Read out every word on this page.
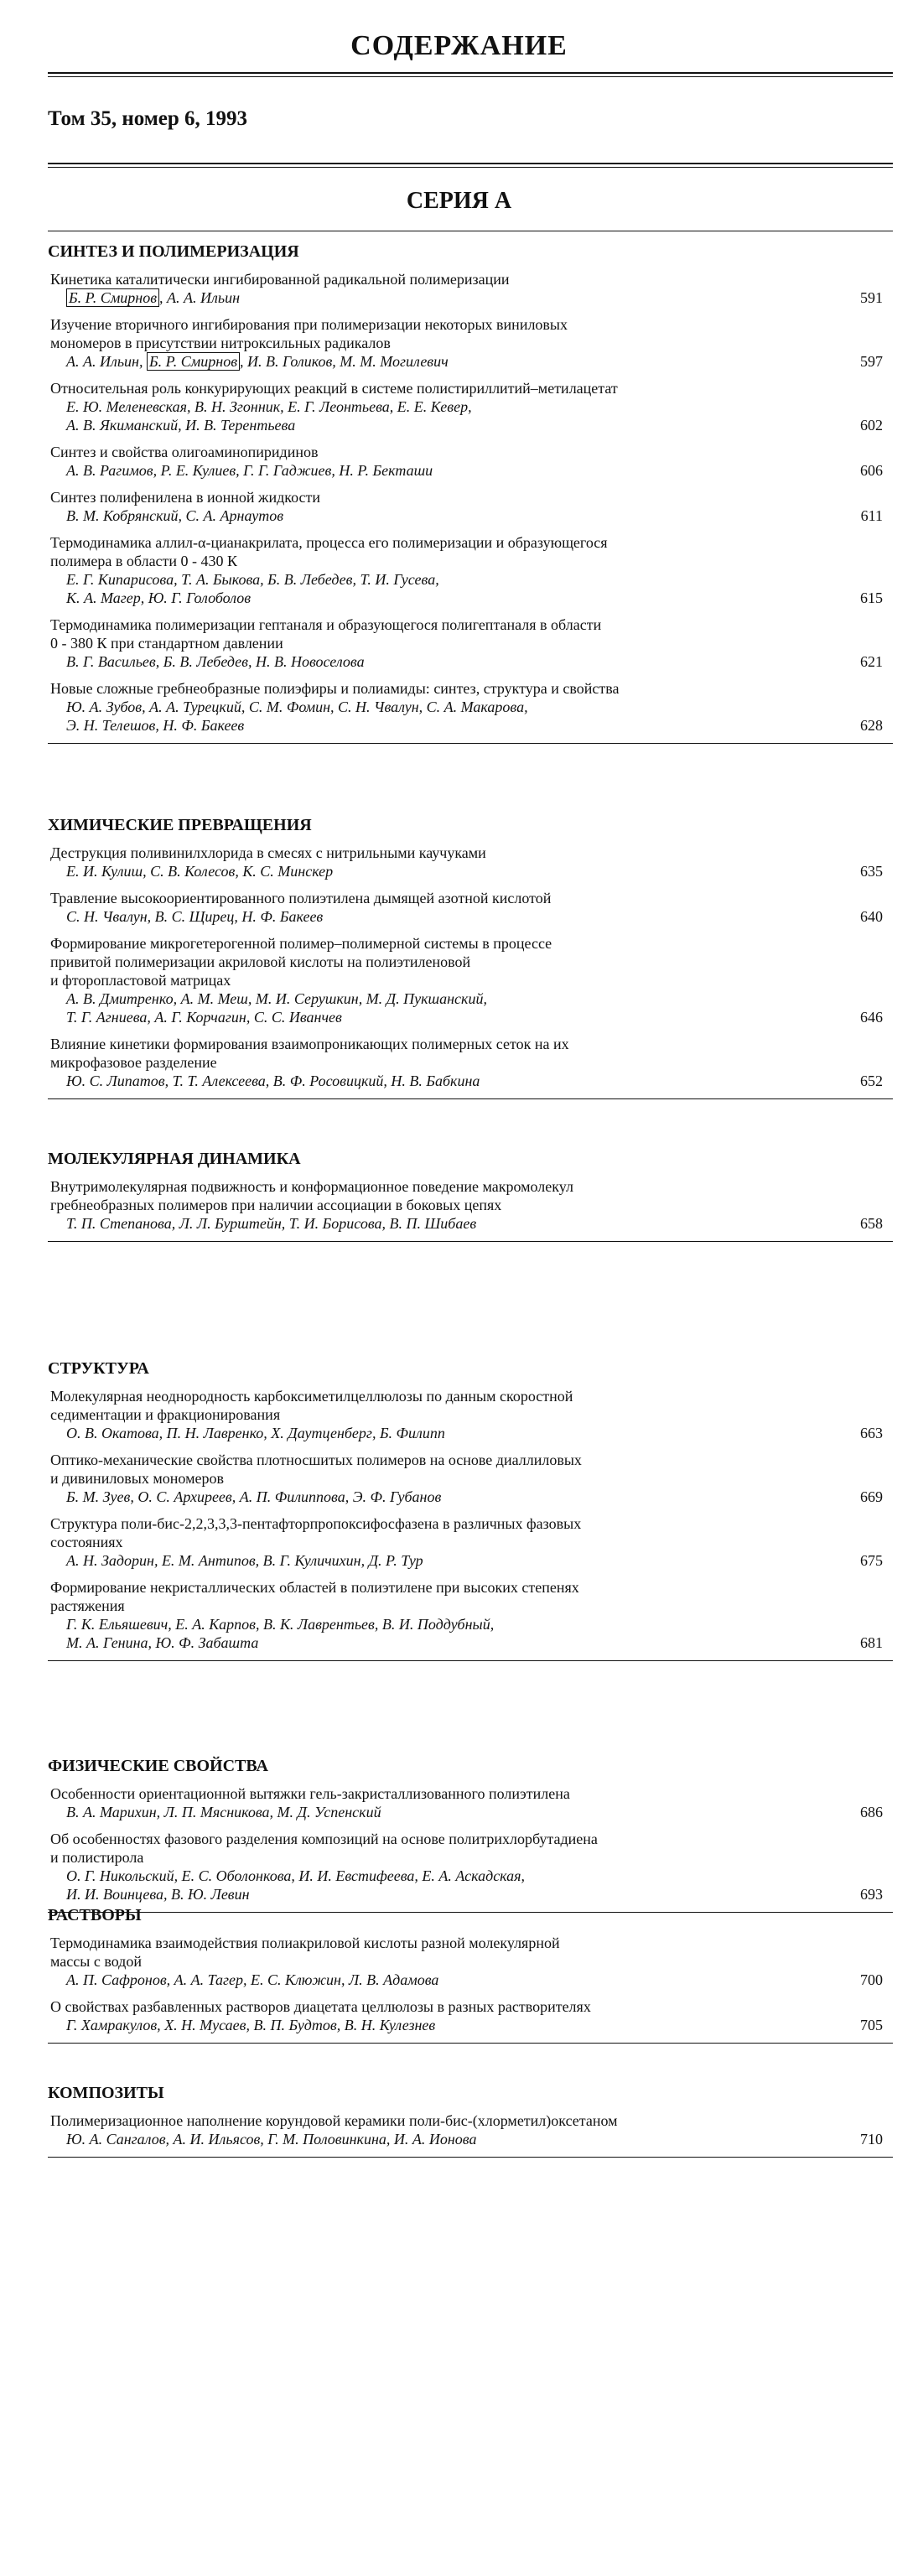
СОДЕРЖАНИЕ
Том 35, номер 6, 1993
СЕРИЯ А
СИНТЕЗ И ПОЛИМЕРИЗАЦИЯ
Кинетика каталитически ингибированной радикальной полимеризации
Б. Р. Смирнов , А. А. Ильин	591
Изучение вторичного ингибирования при полимеризации некоторых виниловых
мономеров в присутствии нитроксильных радикалов
А. А. Ильин, Б. Р. Смирнов , И. В. Голиков, М. М. Могилевич	597
Относительная роль конкурирующих реакций в системе полистириллитий–метилацетат
Е. Ю. Меленевская, В. Н. Згонник, Е. Г. Леонтьева, Е. Е. Кевер,
А. В. Якиманский, И. В. Терентьева	602
Синтез и свойства олигоаминопиридинов
А. В. Рагимов, Р. Е. Кулиев, Г. Г. Гаджиев, Н. Р. Бекташи	606
Синтез полифенилена в ионной жидкости
В. М. Кобрянский, С. А. Арнаутов	611
Термодинамика аллил-α-цианакрилата, процесса его полимеризации и образующегося
полимера в области 0 - 430 К
Е. Г. Кипарисова, Т. А. Быкова, Б. В. Лебедев, Т. И. Гусева,
К. А. Магер, Ю. Г. Голоболов	615
Термодинамика полимеризации гептаналя и образующегося полигептаналя в области
0 - 380 К при стандартном давлении
В. Г. Васильев, Б. В. Лебедев, Н. В. Новоселова	621
Новые сложные гребнеобразные полиэфиры и полиамиды: синтез, структура и свойства
Ю. А. Зубов, А. А. Турецкий, С. М. Фомин, С. Н. Чвалун, С. А. Макарова,
Э. Н. Телешов, Н. Ф. Бакеев	628
ХИМИЧЕСКИЕ ПРЕВРАЩЕНИЯ
Деструкция поливинилхлорида в смесях с нитрильными каучуками
Е. И. Кулиш, С. В. Колесов, К. С. Минскер	635
Травление высокоориентированного полиэтилена дымящей азотной кислотой
С. Н. Чвалун, В. С. Щирец, Н. Ф. Бакеев	640
Формирование микрогетерогенной полимер–полимерной системы в процессе
привитой полимеризации акриловой кислоты на полиэтиленовой
и фторопластовой матрицах
А. В. Дмитренко, А. М. Меш, М. И. Серушкин, М. Д. Пукшанский,
Т. Г. Агниева, А. Г. Корчагин, С. С. Иванчев	646
Влияние кинетики формирования взаимопроникающих полимерных сеток на их
микрофазовое разделение
Ю. С. Липатов, Т. Т. Алексеева, В. Ф. Росовицкий, Н. В. Бабкина	652
МОЛЕКУЛЯРНАЯ ДИНАМИКА
Внутримолекулярная подвижность и конформационное поведение макромолекул
гребнеобразных полимеров при наличии ассоциации в боковых цепях
Т. П. Степанова, Л. Л. Бурштейн, Т. И. Борисова, В. П. Шибаев	658
СТРУКТУРА
Молекулярная неоднородность карбоксиметилцеллюлозы по данным скоростной
седиментации и фракционирования
О. В. Окатова, П. Н. Лавренко, Х. Даутценберг, Б. Филипп	663
Оптико-механические свойства плотносшитых полимеров на основе диаллиловых
и дивиниловых мономеров
Б. М. Зуев, О. С. Архиреев, А. П. Филиппова, Э. Ф. Губанов	669
Структура поли-бис-2,2,3,3,3-пентафторпропоксифосфазена в различных фазовых
состояниях
А. Н. Задорин, Е. М. Антипов, В. Г. Куличихин, Д. Р. Тур	675
Формирование некристаллических областей в полиэтилене при высоких степенях
растяжения
Г. К. Ельяшевич, Е. А. Карпов, В. К. Лаврентьев, В. И. Поддубный,
М. А. Генина, Ю. Ф. Забашта	681
ФИЗИЧЕСКИЕ СВОЙСТВА
Особенности ориентационной вытяжки гель-закристаллизованного полиэтилена
В. А. Марихин, Л. П. Мясникова, М. Д. Успенский	686
Об особенностях фазового разделения композиций на основе политрихлорбутадиена
и полистирола
О. Г. Никольский, Е. С. Оболонкова, И. И. Евстифеева, Е. А. Аскадская,
И. И. Воинцева, В. Ю. Левин	693
РАСТВОРЫ
Термодинамика взаимодействия полиакриловой кислоты разной молекулярной
массы с водой
А. П. Сафронов, А. А. Тагер, Е. С. Клюжин, Л. В. Адамова	700
О свойствах разбавленных растворов диацетата целлюлозы в разных растворителях
Г. Хамракулов, Х. Н. Мусаев, В. П. Будтов, В. Н. Кулезнев	705
КОМПОЗИТЫ
Полимеризационное наполнение корундовой керамики поли-бис-(хлорметил)оксетаном
Ю. А. Сангалов, А. И. Ильясов, Г. М. Половинкина, И. А. Ионова	710
